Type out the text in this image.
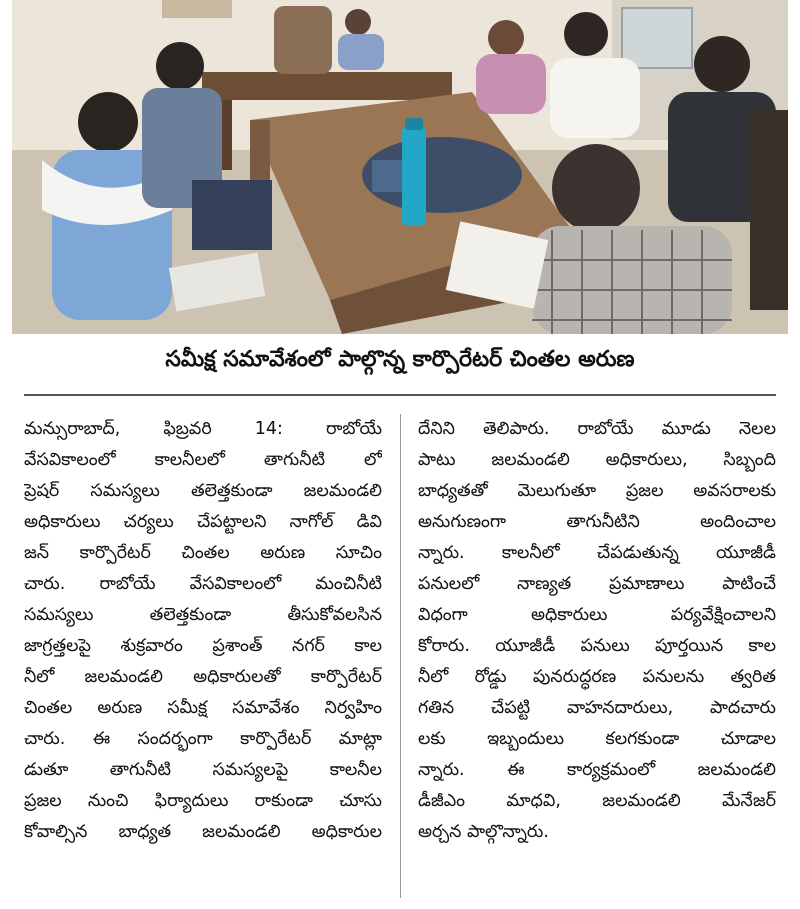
సమీక్ష సమావేశంలో పాల్గొన్న కార్పొరేటర్ చింతల అరుణ
మన్సురాబాద్, ఫిబ్రవరి 14: రాబోయే
వేసవికాలంలో కాలనీలలో తాగునీటి లో
ప్రెషర్ సమస్యలు తలెత్తకుండా జలమండలి
అధికారులు చర్యలు చేపట్టాలని నాగోల్ డివి
జన్ కార్పొరేటర్ చింతల అరుణ సూచిం
చారు. రాబోయే వేసవికాలంలో మంచినీటి
సమస్యలు తలెత్తకుండా తీసుకోవలసిన
జాగ్రత్తలపై శుక్రవారం ప్రశాంత్ నగర్ కాల
నీలో జలమండలి అధికారులతో కార్పొరేటర్
చింతల అరుణ సమీక్ష సమావేశం నిర్వహిం
చారు. ఈ సందర్భంగా కార్పొరేటర్ మాట్లా
డుతూ తాగునీటి సమస్యలపై కాలనీల
ప్రజల నుంచి ఫిర్యాదులు రాకుండా చూసు
కోవాల్సిన బాధ్యత జలమండలి అధికారుల
దేనిని తెలిపారు. రాబోయే మూడు నెలల
పాటు జలమండలి అధికారులు, సిబ్బంది
బాధ్యతతో మెలుగుతూ ప్రజల అవసరాలకు
అనుగుణంగా తాగునీటిని అందించాల
న్నారు. కాలనీలో చేపడుతున్న యూజీడీ
పనులలో నాణ్యత ప్రమాణాలు పాటించే
విధంగా అధికారులు పర్యవేక్షించాలని
కోరారు. యూజీడీ పనులు పూర్తయిన కాల
నీలో రోడ్డు పునరుద్ధరణ పనులను త్వరిత
గతిన చేపట్టి వాహనదారులు, పాదచారు
లకు ఇబ్బందులు కలగకుండా చూడాల
న్నారు. ఈ కార్యక్రమంలో జలమండలి
డీజీఎం మాధవి, జలమండలి మేనేజర్
అర్చన పాల్గొన్నారు.
